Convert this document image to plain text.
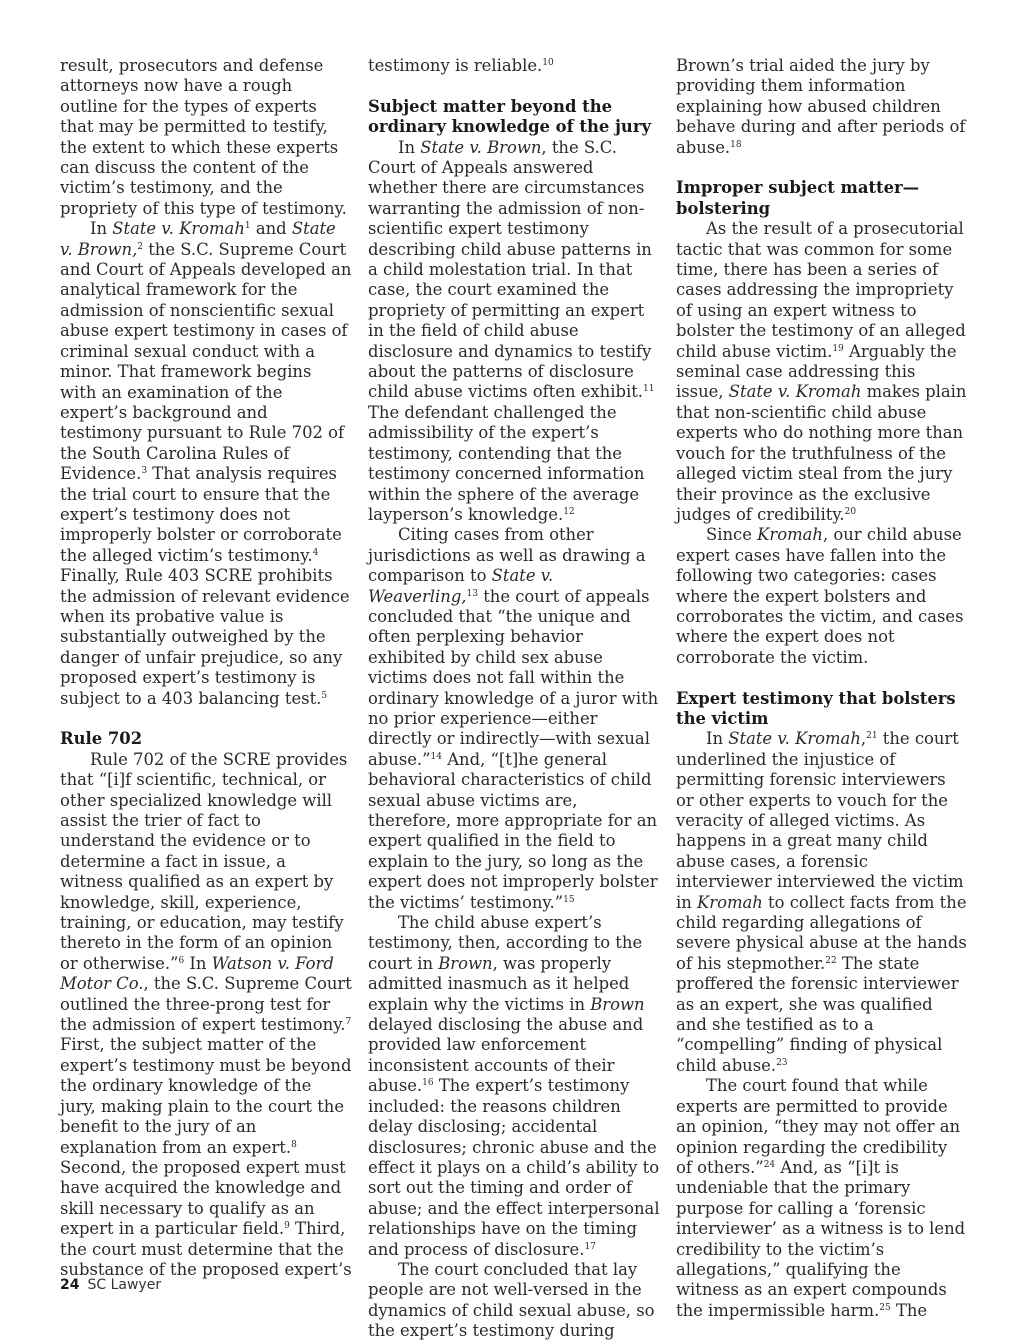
result, prosecutors and defense attorneys now have a rough outline for the types of experts that may be permitted to testify, the extent to which these experts can discuss the content of the victim’s testimony, and the propriety of this type of testimony.

In State v. Kromah$^1$ and State v. Brown,$^2$ the S.C. Supreme Court and Court of Appeals developed an analytical framework for the admission of nonscientific sexual abuse expert testimony in cases of criminal sexual conduct with a minor. That framework begins with an examination of the expert’s background and testimony pursuant to Rule 702 of the South Carolina Rules of Evidence.$^3$ That analysis requires the trial court to ensure that the expert’s testimony does not improperly bolster or corroborate the alleged victim’s testimony.$^4$ Finally, Rule 403 SCRE prohibits the admission of relevant evidence when its probative value is substantially outweighed by the danger of unfair prejudice, so any proposed expert’s testimony is subject to a 403 balancing test.$^5$

Rule 702

Rule 702 of the SCRE provides that “[i]f scientific, technical, or other specialized knowledge will assist the trier of fact to understand the evidence or to determine a fact in issue, a witness qualified as an expert by knowledge, skill, experience, training, or education, may testify thereto in the form of an opinion or otherwise.”$^6$ In Watson v. Ford Motor Co., the S.C. Supreme Court outlined the three-prong test for the admission of expert testimony.$^7$ First, the subject matter of the expert’s testimony must be beyond the ordinary knowledge of the jury, making plain to the court the benefit to the jury of an explanation from an expert.$^8$ Second, the proposed expert must have acquired the knowledge and skill necessary to qualify as an expert in a particular field.$^9$ Third, the court must determine that the substance of the proposed expert’s

testimony is reliable.$^{10}$

Subject matter beyond the ordinary knowledge of the jury

In State v. Brown, the S.C. Court of Appeals answered whether there are circumstances warranting the admission of non-scientific expert testimony describing child abuse patterns in a child molestation trial. In that case, the court examined the propriety of permitting an expert in the field of child abuse disclosure and dynamics to testify about the patterns of disclosure child abuse victims often exhibit.$^{11}$ The defendant challenged the admissibility of the expert’s testimony, contending that the testimony concerned information within the sphere of the average layperson’s knowledge.$^{12}$

Citing cases from other jurisdictions as well as drawing a comparison to State v. Weaverling,$^{13}$ the court of appeals concluded that “the unique and often perplexing behavior exhibited by child sex abuse victims does not fall within the ordinary knowledge of a juror with no prior experience—either directly or indirectly—with sexual abuse.”$^{14}$ And, “[t]he general behavioral characteristics of child sexual abuse victims are, therefore, more appropriate for an expert qualified in the field to explain to the jury, so long as the expert does not improperly bolster the victims’ testimony.”$^{15}$

The child abuse expert’s testimony, then, according to the court in Brown, was properly admitted inasmuch as it helped explain why the victims in Brown delayed disclosing the abuse and provided law enforcement inconsistent accounts of their abuse.$^{16}$ The expert’s testimony included: the reasons children delay disclosing; accidental disclosures; chronic abuse and the effect it plays on a child’s ability to sort out the timing and order of abuse; and the effect interpersonal relationships have on the timing and process of disclosure.$^{17}$

The court concluded that lay people are not well-versed in the dynamics of child sexual abuse, so the expert’s testimony during

Brown’s trial aided the jury by providing them information explaining how abused children behave during and after periods of abuse.$^{18}$

Improper subject matter—bolstering

As the result of a prosecutorial tactic that was common for some time, there has been a series of cases addressing the impropriety of using an expert witness to bolster the testimony of an alleged child abuse victim.$^{19}$ Arguably the seminal case addressing this issue, State v. Kromah makes plain that non-scientific child abuse experts who do nothing more than vouch for the truthfulness of the alleged victim steal from the jury their province as the exclusive judges of credibility.$^{20}$

Since Kromah, our child abuse expert cases have fallen into the following two categories: cases where the expert bolsters and corroborates the victim, and cases where the expert does not corroborate the victim.

Expert testimony that bolsters the victim

In State v. Kromah,$^{21}$ the court underlined the injustice of permitting forensic interviewers or other experts to vouch for the veracity of alleged victims. As happens in a great many child abuse cases, a forensic interviewer interviewed the victim in Kromah to collect facts from the child regarding allegations of severe physical abuse at the hands of his stepmother.$^{22}$ The state proffered the forensic interviewer as an expert, she was qualified and she testified as to a “compelling” finding of physical child abuse.$^{23}$

The court found that while experts are permitted to provide an opinion, “they may not offer an opinion regarding the credibility of others.”$^{24}$ And, as “[i]t is undeniable that the primary purpose for calling a ‘forensic interviewer’ as a witness is to lend credibility to the victim’s allegations,” qualifying the witness as an expert compounds the impermissible harm.$^{25}$ The

24 SC Lawyer
